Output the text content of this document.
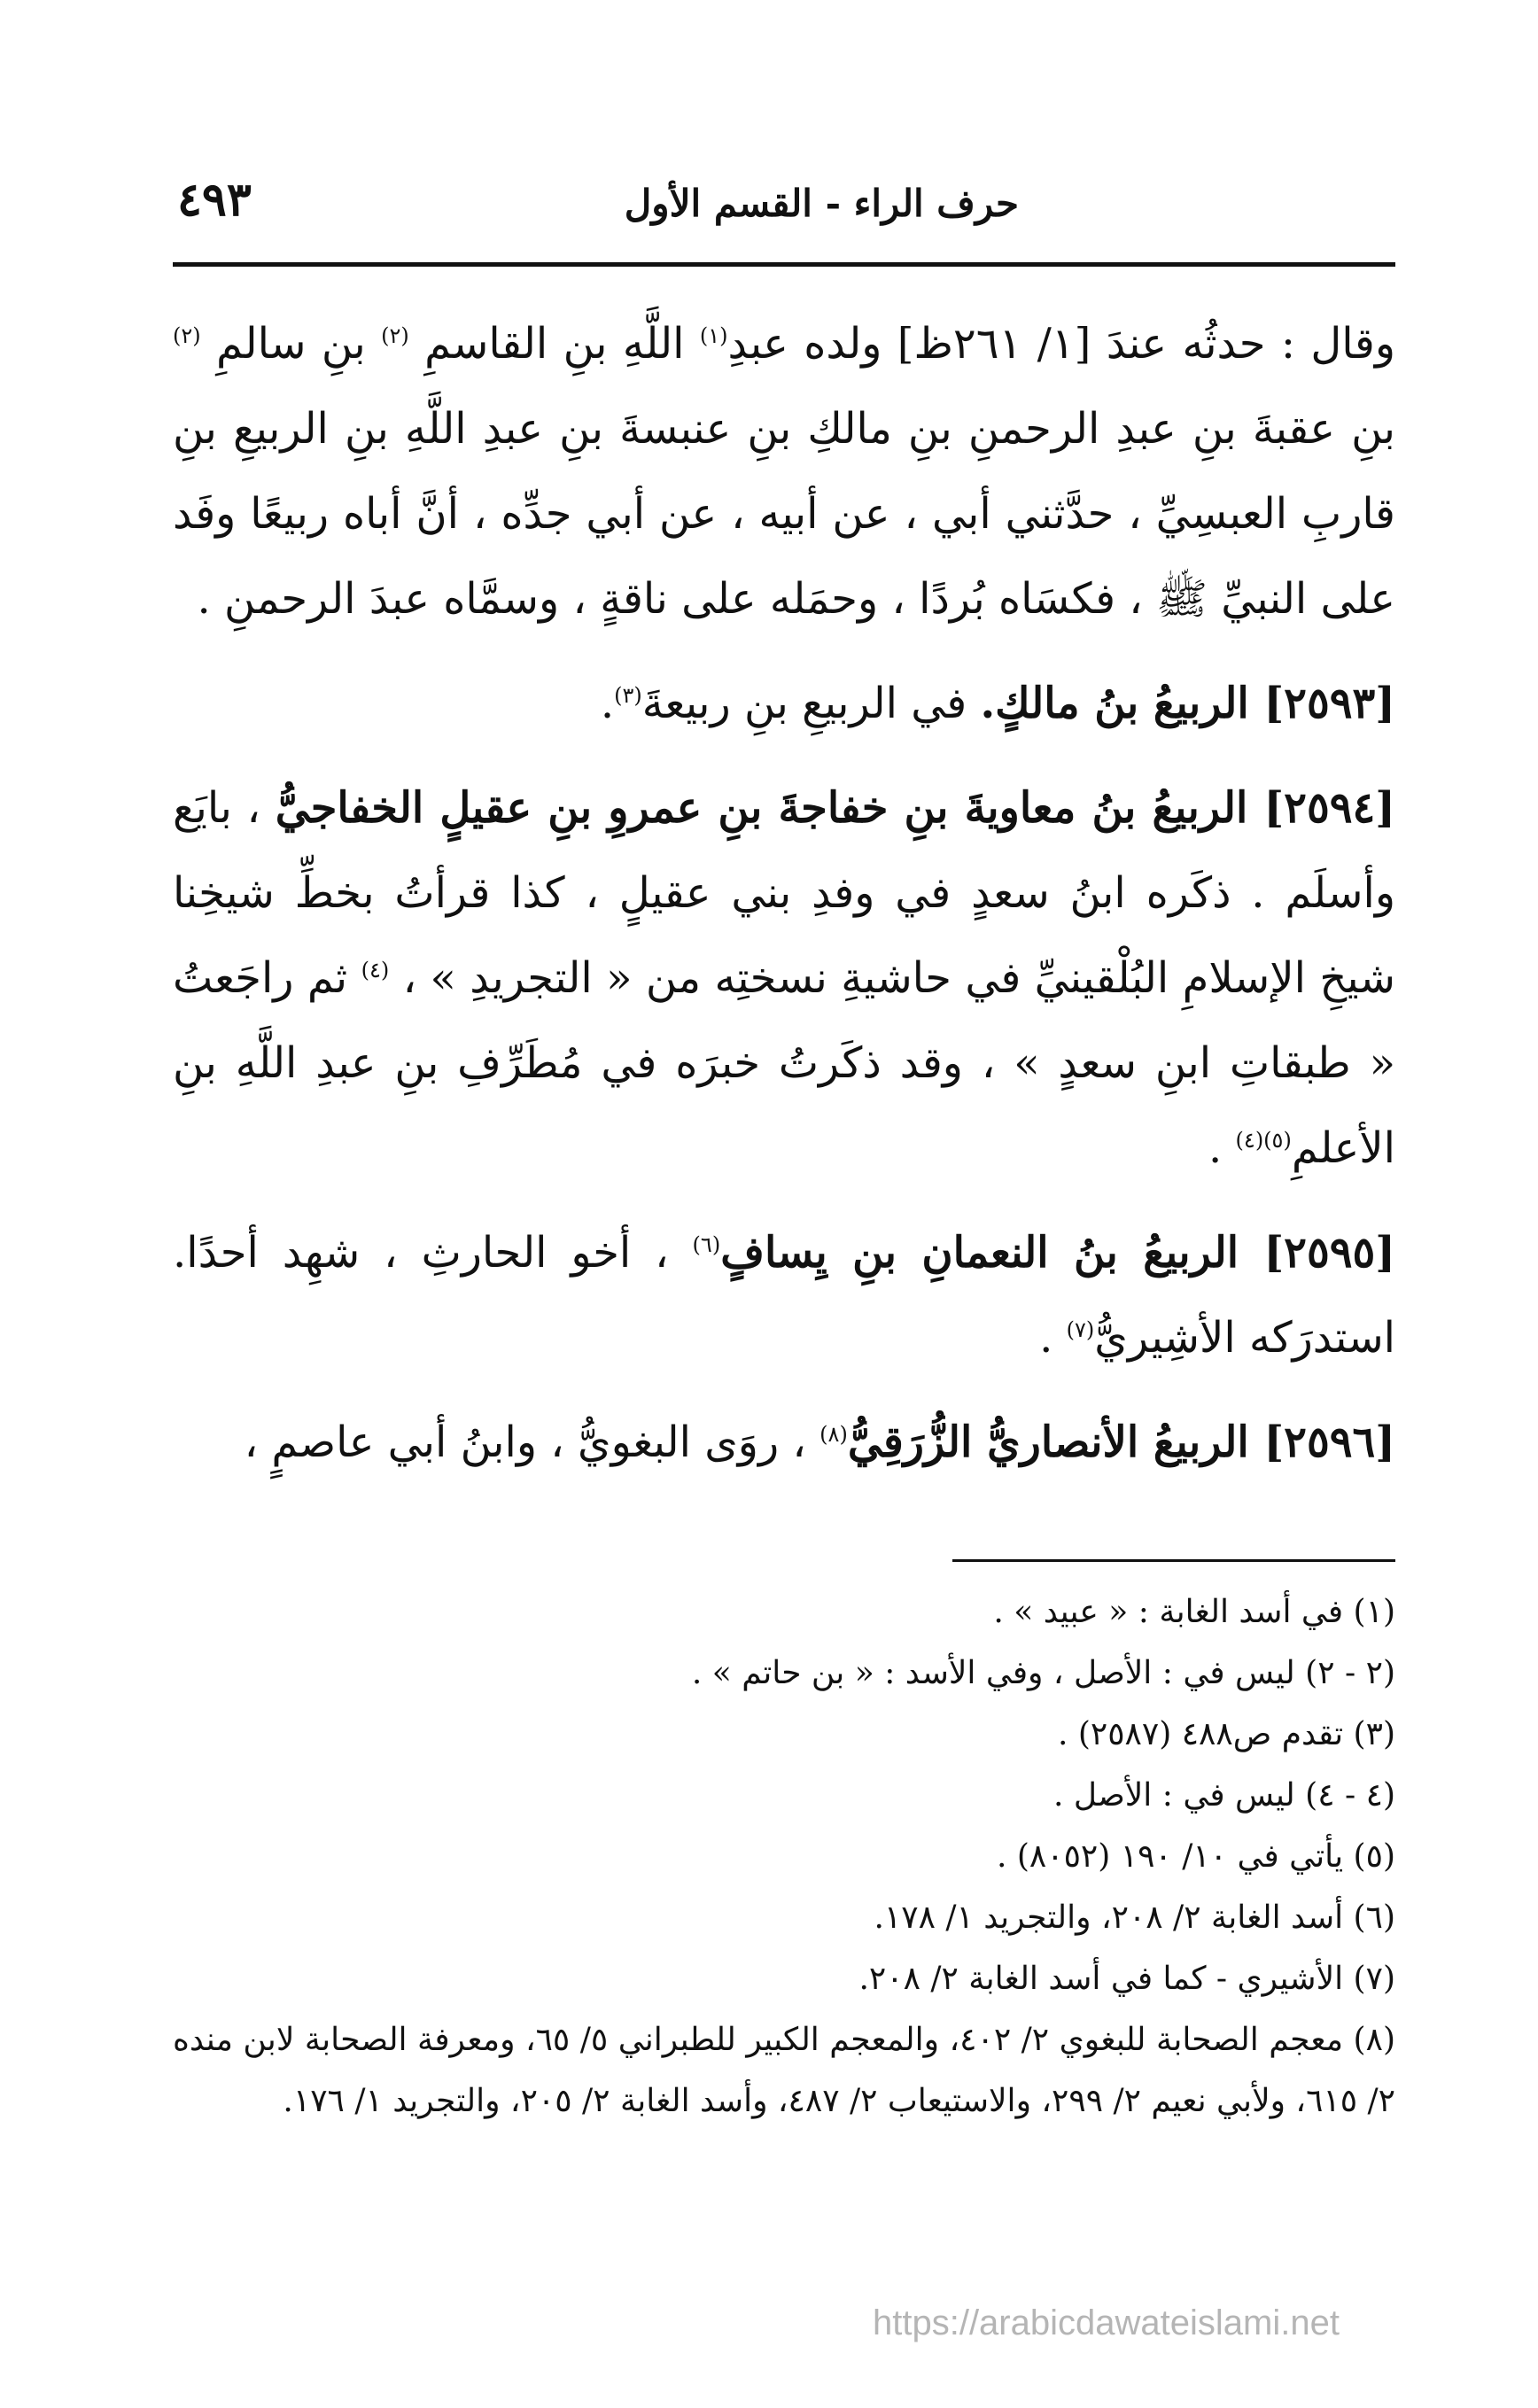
حرف الراء - القسم الأول
٤٩٣

وقال : حدثُه عندَ [١/ ٢٦١ظ] ولده عبدِ$^{(١)}$ اللَّهِ بنِ القاسمِ $^{(٢)}$ بنِ سالمِ $^{(٢)}$ بنِ عقبةَ بنِ عبدِ الرحمنِ بنِ مالكِ بنِ عنبسةَ بنِ عبدِ اللَّهِ بنِ الربيعِ بنِ قاربِ العبسِيِّ ، حدَّثني أبي ، عن أبيه ، عن أبي جدِّه ، أنَّ أباه ربيعًا وفَد على النبيِّ ﷺ ، فكسَاه بُردًا ، وحمَله على ناقةٍ ، وسمَّاه عبدَ الرحمنِ .

[٢٥٩٣] الربيعُ بنُ مالكٍ. في الربيعِ بنِ ربيعةَ$^{(٣)}$.

[٢٥٩٤] الربيعُ بنُ معاويةَ بنِ خفاجةَ بنِ عمروِ بنِ عقيلٍ الخفاجيُّ ، بايَع وأسلَم . ذكَره ابنُ سعدٍ في وفدِ بني عقيلٍ ، كذا قرأتُ بخطِّ شيخِنا شيخِ الإسلامِ البُلْقينيِّ في حاشيةِ نسختِه من « التجريدِ » ، $^{(٤)}$ ثم راجَعتُ « طبقاتِ ابنِ سعدٍ » ، وقد ذكَرتُ خبرَه في مُطَرِّفِ بنِ عبدِ اللَّهِ بنِ الأعلمِ$^{(٥)(٤)}$ .

[٢٥٩٥] الربيعُ بنُ النعمانِ بنِ يِسافٍ$^{(٦)}$ ، أخو الحارثِ ، شهِد أحدًا. استدرَكه الأشِيريُّ$^{(٧)}$ .

[٢٥٩٦] الربيعُ الأنصاريُّ الزُّرَقِيُّ$^{(٨)}$ ، روَى البغويُّ ، وابنُ أبي عاصمٍ ،

(١) في أسد الغابة : « عبيد » .

(٢ - ٢) ليس في : الأصل ، وفي الأسد : « بن حاتم » .

(٣) تقدم ص٤٨٨ (٢٥٨٧) .

(٤ - ٤) ليس في : الأصل .

(٥) يأتي في ١٠/ ١٩٠ (٨٠٥٢) .

(٦) أسد الغابة ٢/ ٢٠٨، والتجريد ١/ ١٧٨.

(٧) الأشيري - كما في أسد الغابة ٢/ ٢٠٨.

(٨) معجم الصحابة للبغوي ٢/ ٤٠٢، والمعجم الكبير للطبراني ٥/ ٦٥، ومعرفة الصحابة لابن منده ٢/ ٦١٥، ولأبي نعيم ٢/ ٢٩٩، والاستيعاب ٢/ ٤٨٧، وأسد الغابة ٢/ ٢٠٥، والتجريد ١/ ١٧٦.

https://arabicdawateislami.net
